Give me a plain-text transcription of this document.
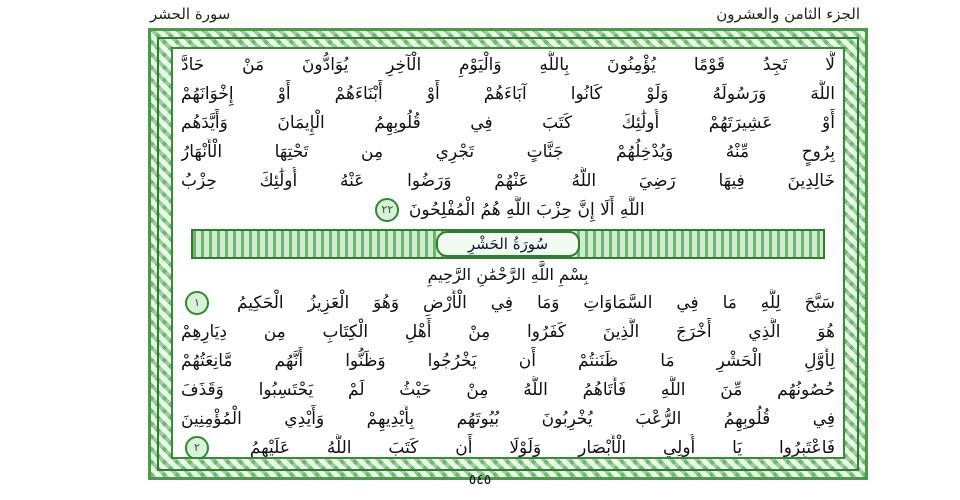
الجزء الثامن والعشرون
سورة الحشر
لَّا تَجِدُ قَوْمًا يُؤْمِنُونَ بِاللَّهِ وَالْيَوْمِ الْآخِرِ يُوَادُّونَ مَنْ حَادَّ
اللَّهَ وَرَسُولَهُ وَلَوْ كَانُوا آبَاءَهُمْ أَوْ أَبْنَاءَهُمْ أَوْ إِخْوَانَهُمْ
أَوْ عَشِيرَتَهُمْ أُولَٰئِكَ كَتَبَ فِي قُلُوبِهِمُ الْإِيمَانَ وَأَيَّدَهُم
بِرُوحٍ مِّنْهُ وَيُدْخِلُهُمْ جَنَّاتٍ تَجْرِي مِن تَحْتِهَا الْأَنْهَارُ
خَالِدِينَ فِيهَا رَضِيَ اللَّهُ عَنْهُمْ وَرَضُوا عَنْهُ أُولَٰئِكَ حِزْبُ
اللَّهِ أَلَا إِنَّ حِزْبَ اللَّهِ هُمُ الْمُفْلِحُونَ ٢٢
سُورَةُ الحَشْرِ
بِسْمِ اللَّهِ الرَّحْمَٰنِ الرَّحِيمِ
سَبَّحَ لِلَّهِ مَا فِي السَّمَاوَاتِ وَمَا فِي الْأَرْضِ وَهُوَ الْعَزِيزُ الْحَكِيمُ ١
هُوَ الَّذِي أَخْرَجَ الَّذِينَ كَفَرُوا مِنْ أَهْلِ الْكِتَابِ مِن دِيَارِهِمْ
لِأَوَّلِ الْحَشْرِ مَا ظَنَنتُمْ أَن يَخْرُجُوا وَظَنُّوا أَنَّهُم مَّانِعَتُهُمْ
حُصُونُهُم مِّنَ اللَّهِ فَأَتَاهُمُ اللَّهُ مِنْ حَيْثُ لَمْ يَحْتَسِبُوا وَقَذَفَ
فِي قُلُوبِهِمُ الرُّعْبَ يُخْرِبُونَ بُيُوتَهُم بِأَيْدِيهِمْ وَأَيْدِي الْمُؤْمِنِينَ
فَاعْتَبِرُوا يَا أُولِي الْأَبْصَارِ وَلَوْلَا أَن كَتَبَ اللَّهُ عَلَيْهِمُ ٢
٥٤٥
